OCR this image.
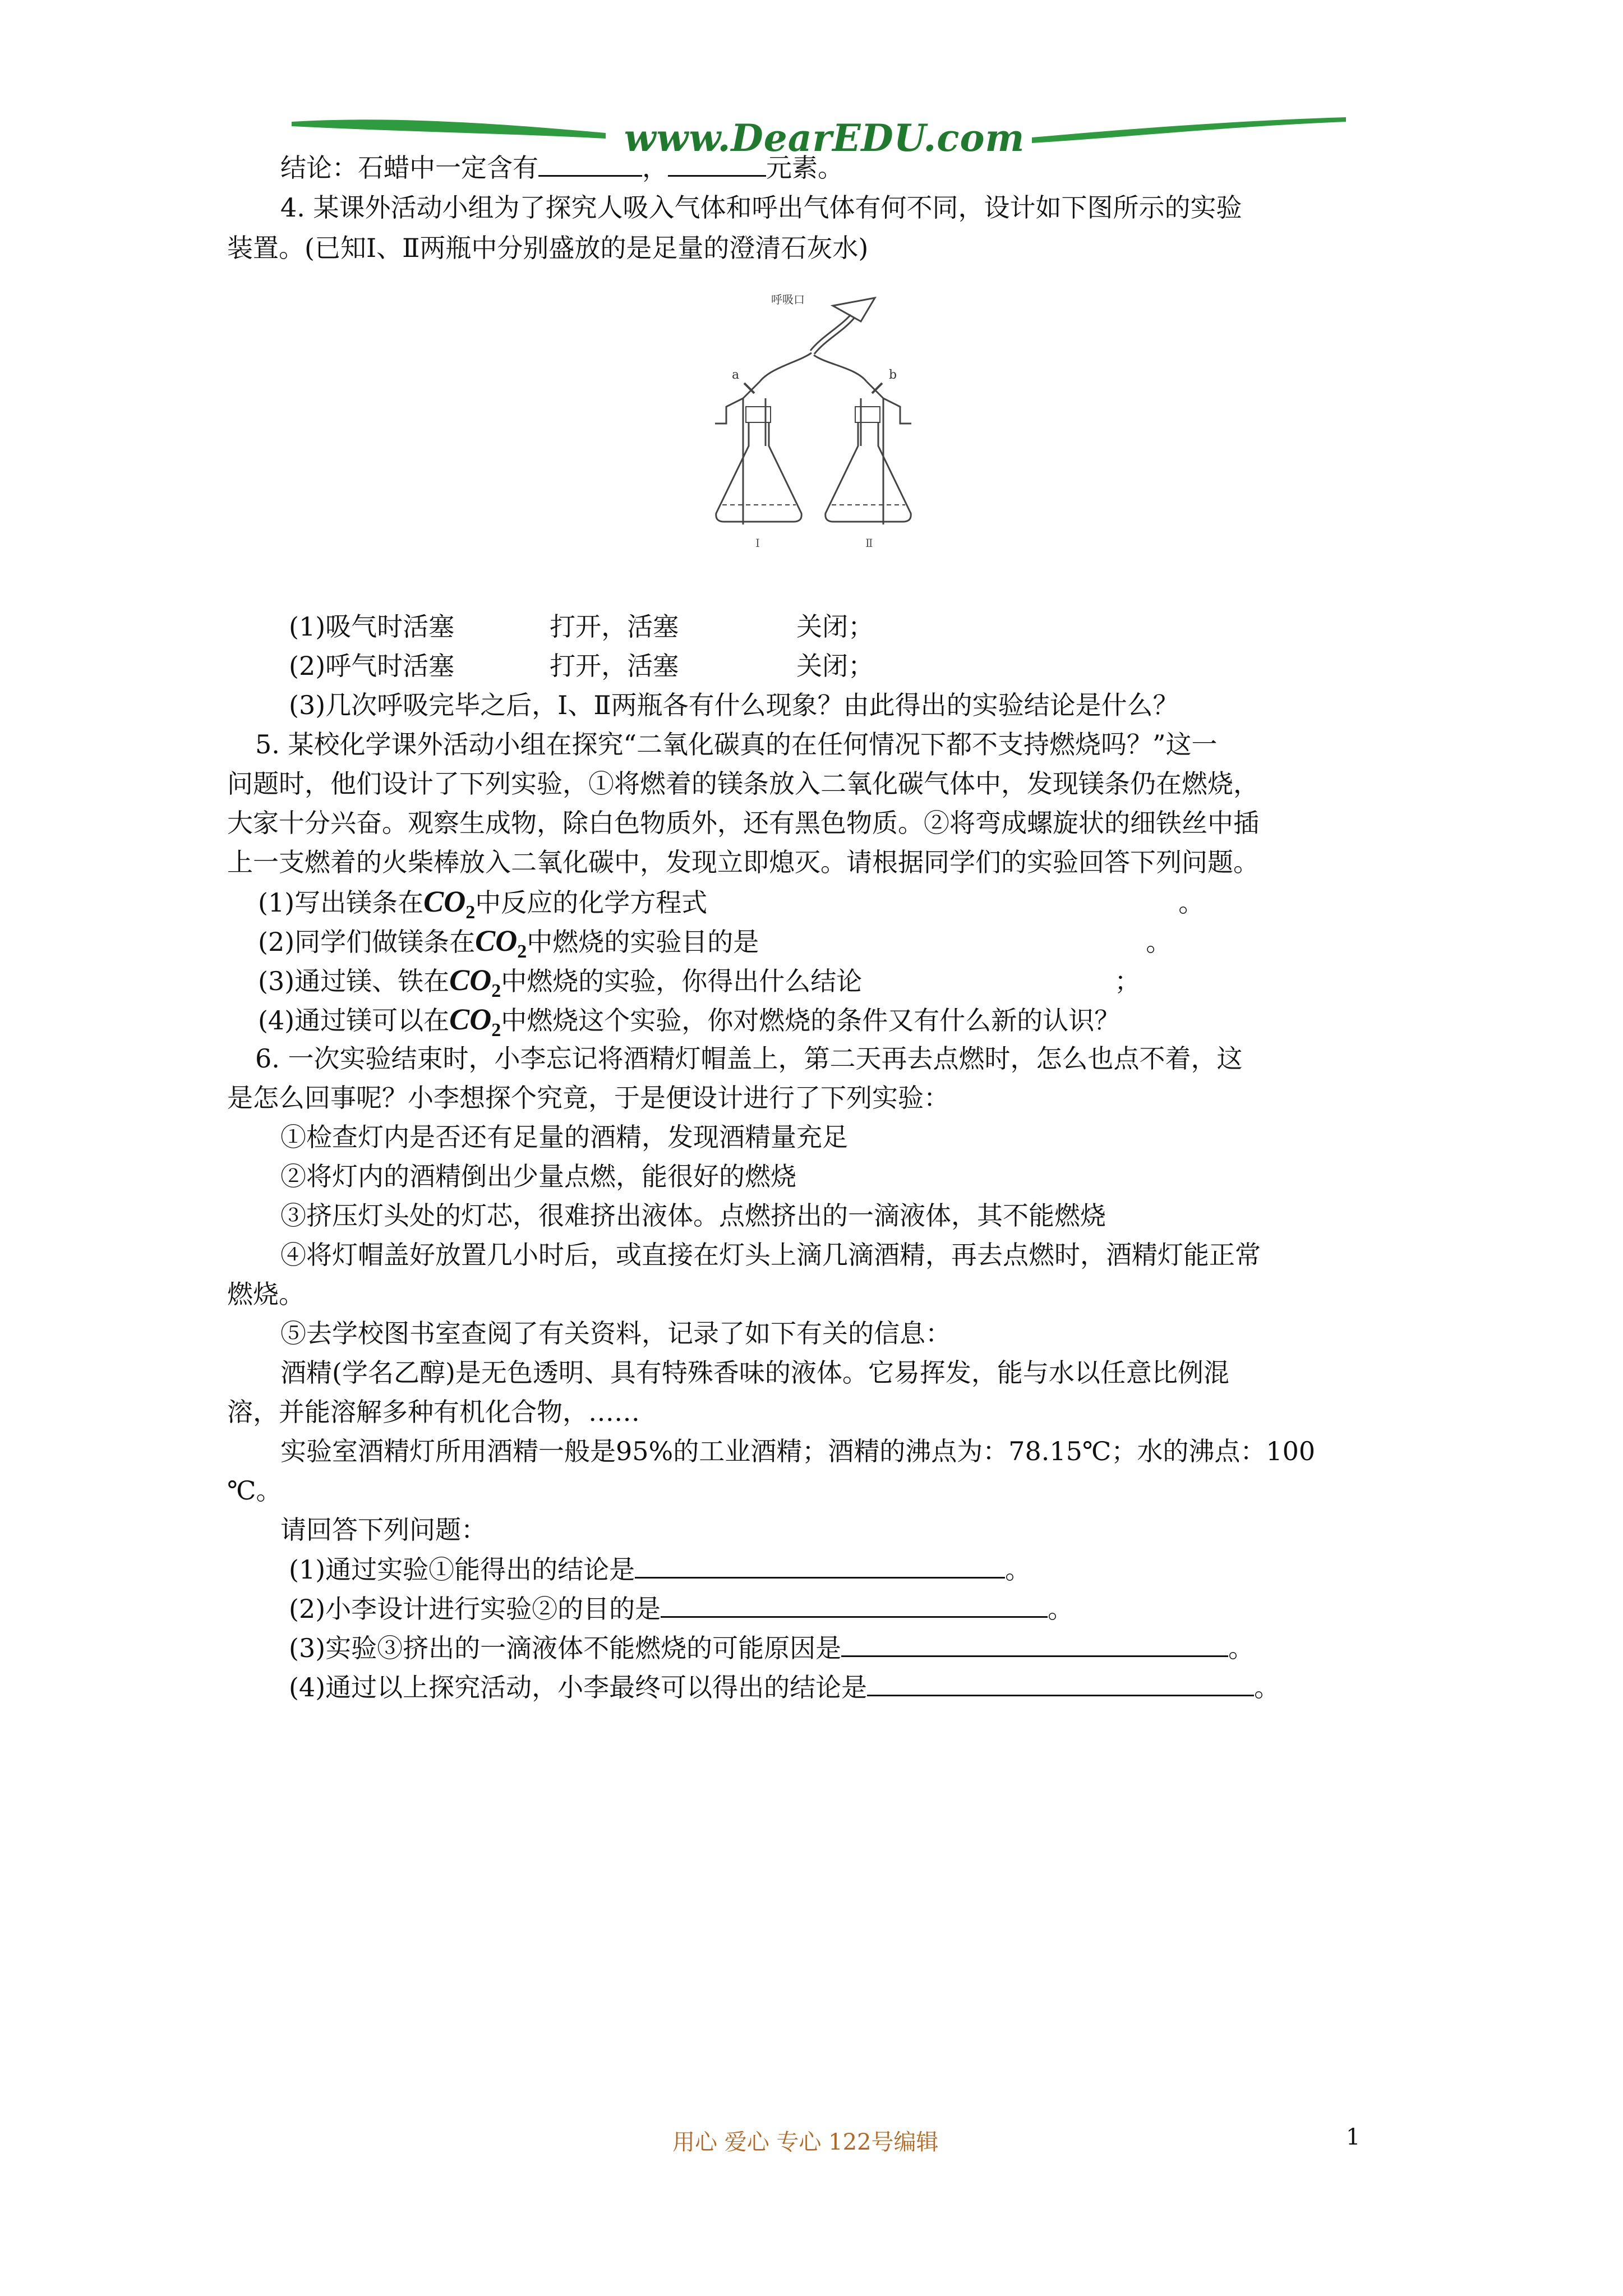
www.DearEDU.com
结论：石蜡中一定含有	，	元素。
4. 某课外活动小组为了探究人吸入气体和呼出气体有何不同，设计如下图所示的实验
装置。(已知Ⅰ、Ⅱ两瓶中分别盛放的是足量的澄清石灰水)
呼吸口
a	b
Ⅰ	Ⅱ
(1)吸气时活塞	打开，活塞	关闭；
(2)呼气时活塞	打开，活塞	关闭；
(3)几次呼吸完毕之后，Ⅰ、Ⅱ两瓶各有什么现象？由此得出的实验结论是什么？
5. 某校化学课外活动小组在探究“二氧化碳真的在任何情况下都不支持燃烧吗？”这一
问题时，他们设计了下列实验，①将燃着的镁条放入二氧化碳气体中，发现镁条仍在燃烧，
大家十分兴奋。观察生成物，除白色物质外，还有黑色物质。②将弯成螺旋状的细铁丝中插
上一支燃着的火柴棒放入二氧化碳中，发现立即熄灭。请根据同学们的实验回答下列问题。
(1)写出镁条在$CO_2$中反应的化学方程式	。
(2)同学们做镁条在$CO_2$中燃烧的实验目的是	。
(3)通过镁、铁在$CO_2$中燃烧的实验，你得出什么结论	；
(4)通过镁可以在$CO_2$中燃烧这个实验，你对燃烧的条件又有什么新的认识？
6. 一次实验结束时，小李忘记将酒精灯帽盖上，第二天再去点燃时，怎么也点不着，这
是怎么回事呢？小李想探个究竟，于是便设计进行了下列实验：
①检查灯内是否还有足量的酒精，发现酒精量充足
②将灯内的酒精倒出少量点燃，能很好的燃烧
③挤压灯头处的灯芯，很难挤出液体。点燃挤出的一滴液体，其不能燃烧
④将灯帽盖好放置几小时后，或直接在灯头上滴几滴酒精，再去点燃时，酒精灯能正常
燃烧。
⑤去学校图书室查阅了有关资料，记录了如下有关的信息：
酒精(学名乙醇)是无色透明、具有特殊香味的液体。它易挥发，能与水以任意比例混
溶，并能溶解多种有机化合物，……
实验室酒精灯所用酒精一般是95%的工业酒精；酒精的沸点为：78.15℃；水的沸点：100
℃。
请回答下列问题：
(1)通过实验①能得出的结论是	。
(2)小李设计进行实验②的目的是	。
(3)实验③挤出的一滴液体不能燃烧的可能原因是	。
(4)通过以上探究活动，小李最终可以得出的结论是	。
用心 爱心 专心 122号编辑	1
